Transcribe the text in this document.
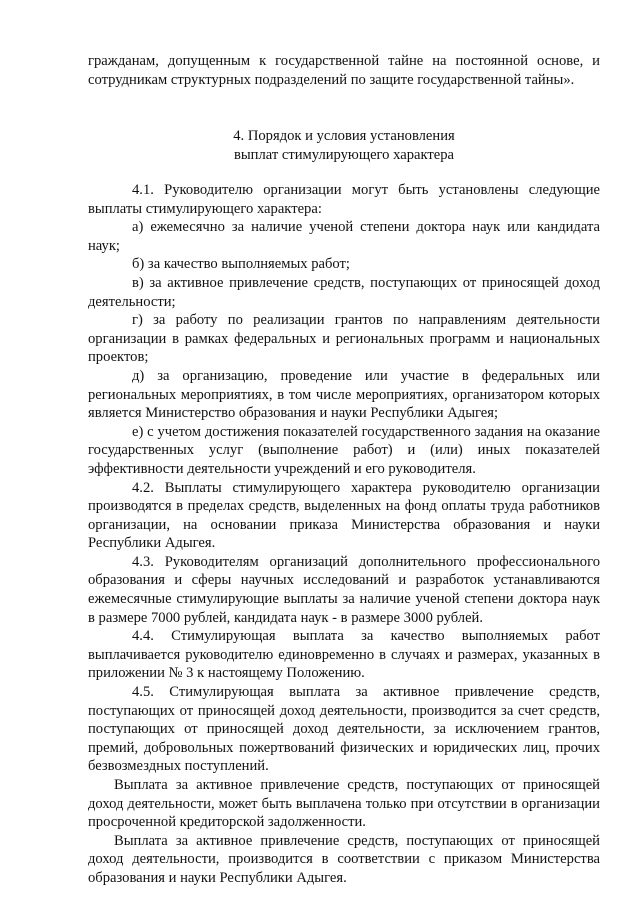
гражданам, допущенным к государственной тайне на постоянной основе, и сотрудникам структурных подразделений по защите государственной тайны».

4. Порядок и условия установления
выплат стимулирующего характера

4.1. Руководителю организации могут быть установлены следующие выплаты стимулирующего характера:

а) ежемесячно за наличие ученой степени доктора наук или кандидата наук;

б) за качество выполняемых работ;

в) за активное привлечение средств, поступающих от приносящей доход деятельности;

г) за работу по реализации грантов по направлениям деятельности организации в рамках федеральных и региональных программ и национальных проектов;

д) за организацию, проведение или участие в федеральных или региональных мероприятиях, в том числе мероприятиях, организатором которых является Министерство образования и науки Республики Адыгея;

е) с учетом достижения показателей государственного задания на оказание государственных услуг (выполнение работ) и (или) иных показателей эффективности деятельности учреждений и его руководителя.

4.2. Выплаты стимулирующего характера руководителю организации производятся в пределах средств, выделенных на фонд оплаты труда работников организации, на основании приказа Министерства образования и науки Республики Адыгея.

4.3. Руководителям организаций дополнительного профессионального образования и сферы научных исследований и разработок устанавливаются ежемесячные стимулирующие выплаты за наличие ученой степени доктора наук в размере 7000 рублей, кандидата наук - в размере 3000 рублей.

4.4. Стимулирующая выплата за качество выполняемых работ выплачивается руководителю единовременно в случаях и размерах, указанных в приложении № 3 к настоящему Положению.

4.5. Стимулирующая выплата за активное привлечение средств, поступающих от приносящей доход деятельности, производится за счет средств, поступающих от приносящей доход деятельности, за исключением грантов, премий, добровольных пожертвований физических и юридических лиц, прочих безвозмездных поступлений.

Выплата за активное привлечение средств, поступающих от приносящей доход деятельности, может быть выплачена только при отсутствии в организации просроченной кредиторской задолженности.

Выплата за активное привлечение средств, поступающих от приносящей доход деятельности, производится в соответствии с приказом Министерства образования и науки Республики Адыгея.
